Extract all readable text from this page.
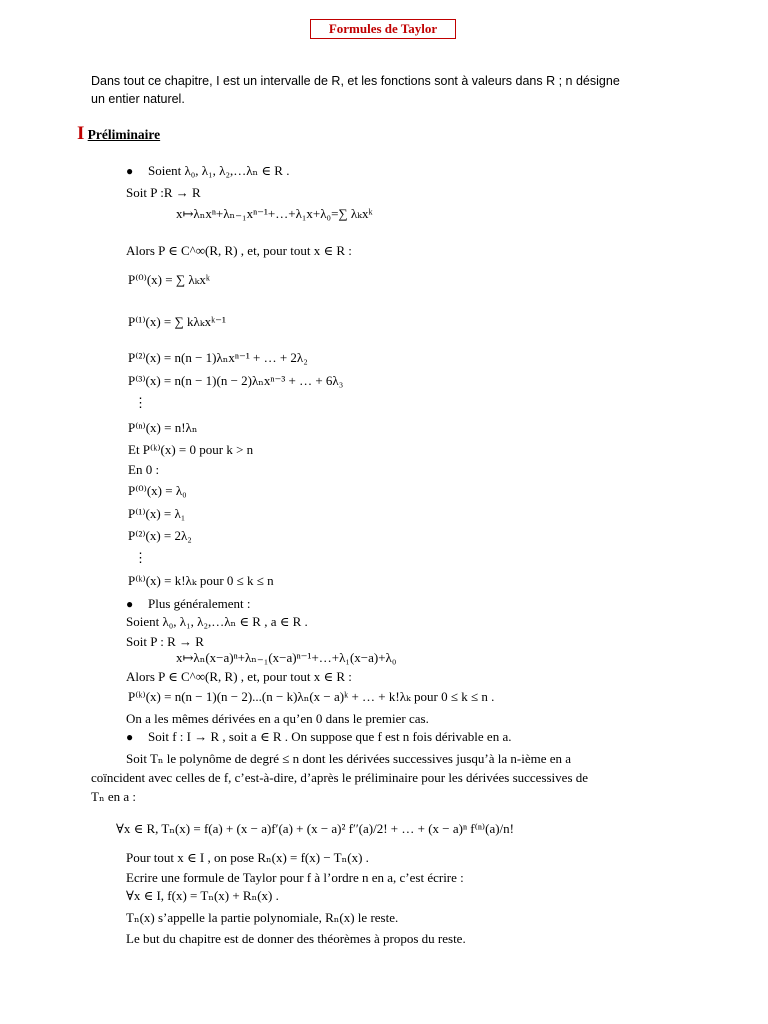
Formules de Taylor
Dans tout ce chapitre, I est un intervalle de R, et les fonctions sont à valeurs dans R ; n désigne
un entier naturel.
I Préliminaire
● Soient λ₀, λ₁, λ₂,…λₙ ∈ R .
Soit P :R → R
x↦λₙxⁿ+λₙ₋₁xⁿ⁻¹+…+λ₁x+λ₀=∑ λₖxᵏ
Alors P ∈ C^∞(R, R) , et, pour tout x ∈ R :
P⁽⁰⁾(x) = ∑ λₖxᵏ
P⁽¹⁾(x) = ∑ kλₖxᵏ⁻¹
P⁽²⁾(x) = n(n − 1)λₙxⁿ⁻¹ + … + 2λ₂
P⁽³⁾(x) = n(n − 1)(n − 2)λₙxⁿ⁻³ + … + 6λ₃
⋮
P⁽ⁿ⁾(x) = n!λₙ
Et P⁽ᵏ⁾(x) = 0 pour k > n
En 0 :
P⁽⁰⁾(x) = λ₀
P⁽¹⁾(x) = λ₁
P⁽²⁾(x) = 2λ₂
⋮
P⁽ᵏ⁾(x) = k!λₖ pour 0 ≤ k ≤ n
● Plus généralement :
Soient λ₀, λ₁, λ₂,…λₙ ∈ R , a ∈ R .
Soit P : R → R
x↦λₙ(x−a)ⁿ+λₙ₋₁(x−a)ⁿ⁻¹+…+λ₁(x−a)+λ₀
Alors P ∈ C^∞(R, R) , et, pour tout x ∈ R :
P⁽ᵏ⁾(x) = n(n − 1)(n − 2)...(n − k)λₙ(x − a)ᵏ + … + k!λₖ pour 0 ≤ k ≤ n .
On a les mêmes dérivées en a qu’en 0 dans le premier cas.
● Soit f : I → R , soit a ∈ R . On suppose que f est n fois dérivable en a.
Soit Tₙ le polynôme de degré ≤ n dont les dérivées successives jusqu’à la n-ième en a
coïncident avec celles de f, c’est-à-dire, d’après le préliminaire pour les dérivées successives de
Tₙ en a :
∀x ∈ R, Tₙ(x) = f(a) + (x − a)f′(a) + (x − a)² f′′(a)/2! + … + (x − a)ⁿ f⁽ⁿ⁾(a)/n!
Pour tout x ∈ I , on pose Rₙ(x) = f(x) − Tₙ(x) .
Ecrire une formule de Taylor pour f à l’ordre n en a, c’est écrire :
∀x ∈ I, f(x) = Tₙ(x) + Rₙ(x) .
Tₙ(x) s’appelle la partie polynomiale, Rₙ(x) le reste.
Le but du chapitre est de donner des théorèmes à propos du reste.
